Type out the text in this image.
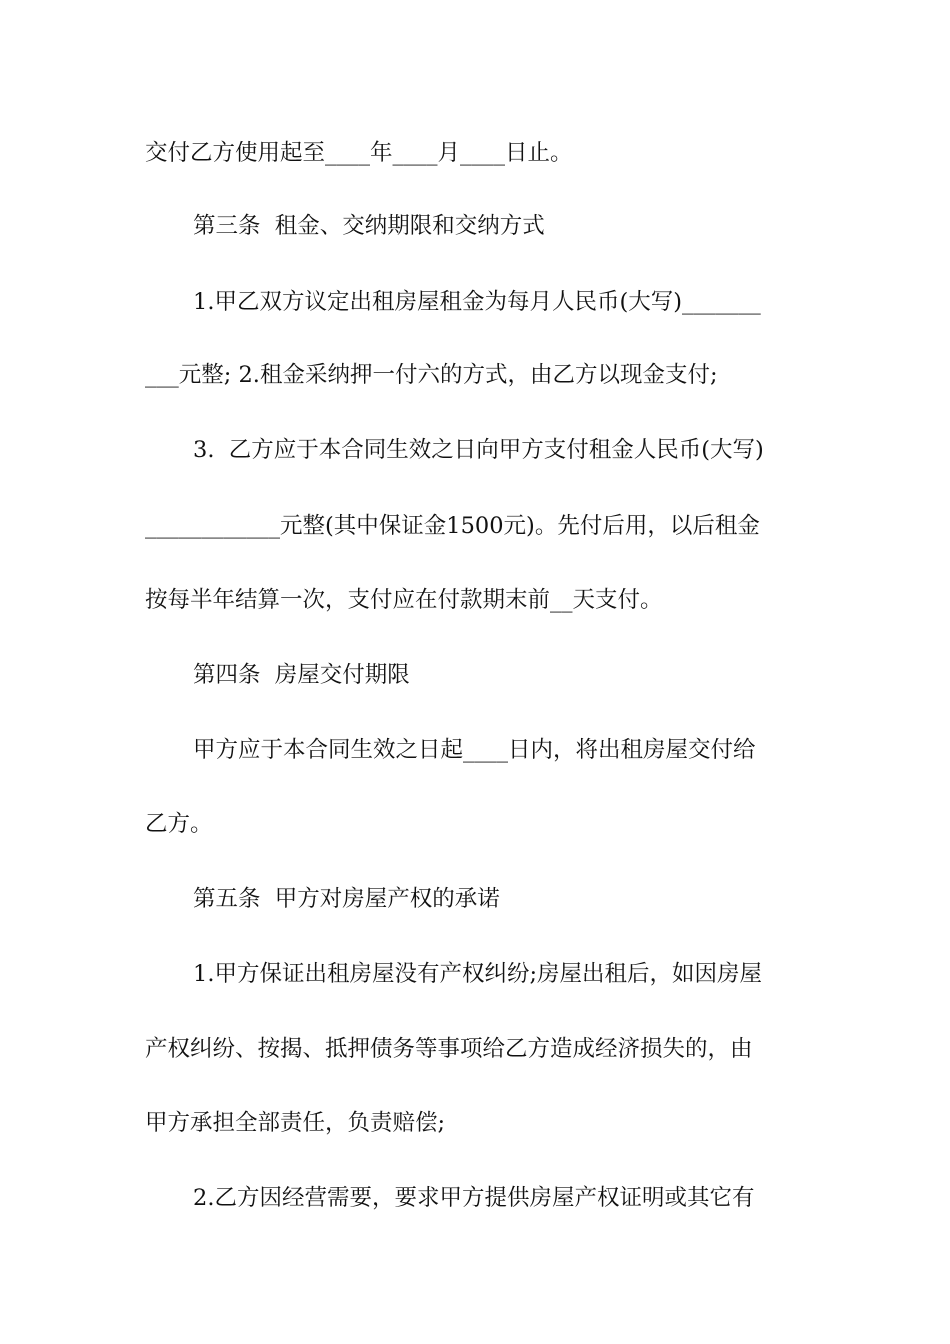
交付乙方使用起至____年____月____日止。
第三条  租金、交纳期限和交纳方式
1.甲乙双方议定出租房屋租金为每月人民币(大写)_______
___元整; 2.租金采纳押一付六的方式，由乙方以现金支付;
3.  乙方应于本合同生效之日向甲方支付租金人民币(大写)
____________元整(其中保证金1500元)。先付后用，以后租金
按每半年结算一次，支付应在付款期末前__天支付。
第四条  房屋交付期限
甲方应于本合同生效之日起____日内，将出租房屋交付给
乙方。
第五条  甲方对房屋产权的承诺
1.甲方保证出租房屋没有产权纠纷;房屋出租后，如因房屋
产权纠纷、按揭、抵押债务等事项给乙方造成经济损失的，由
甲方承担全部责任，负责赔偿;
2.乙方因经营需要，要求甲方提供房屋产权证明或其它有
